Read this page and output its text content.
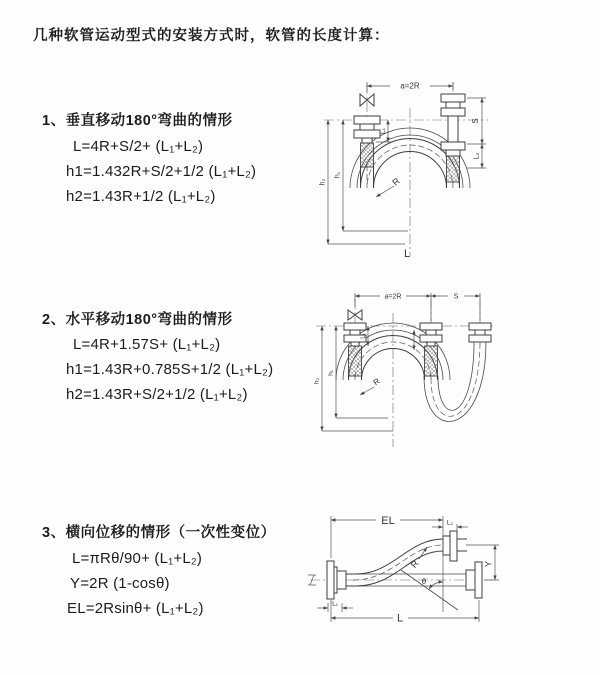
几种软管运动型式的安装方式时，软管的长度计算：
1、垂直移动180°弯曲的情形
L=4R+S/2+ (L₁+L₂)
h1=1.432R+S/2+1/2 (L₁+L₂)
h2=1.43R+1/2 (L₁+L₂)
2、水平移动180°弯曲的情形
L=4R+1.57S+ (L₁+L₂)
h1=1.43R+0.785S+1/2 (L₁+L₂)
h2=1.43R+S/2+1/2 (L₁+L₂)
3、横向位移的情形（一次性变位）
L=πRθ/90+ (L₁+L₂)
Y=2R (1-cosθ)
EL=2Rsinθ+ (L₁+L₂)
a=2R
S
L₂
L₁
h₁
h₂	R
L
a=2R	S
L₁
h₁
h₂	R
θ
EL	L₂
Y
R
L
L₁
